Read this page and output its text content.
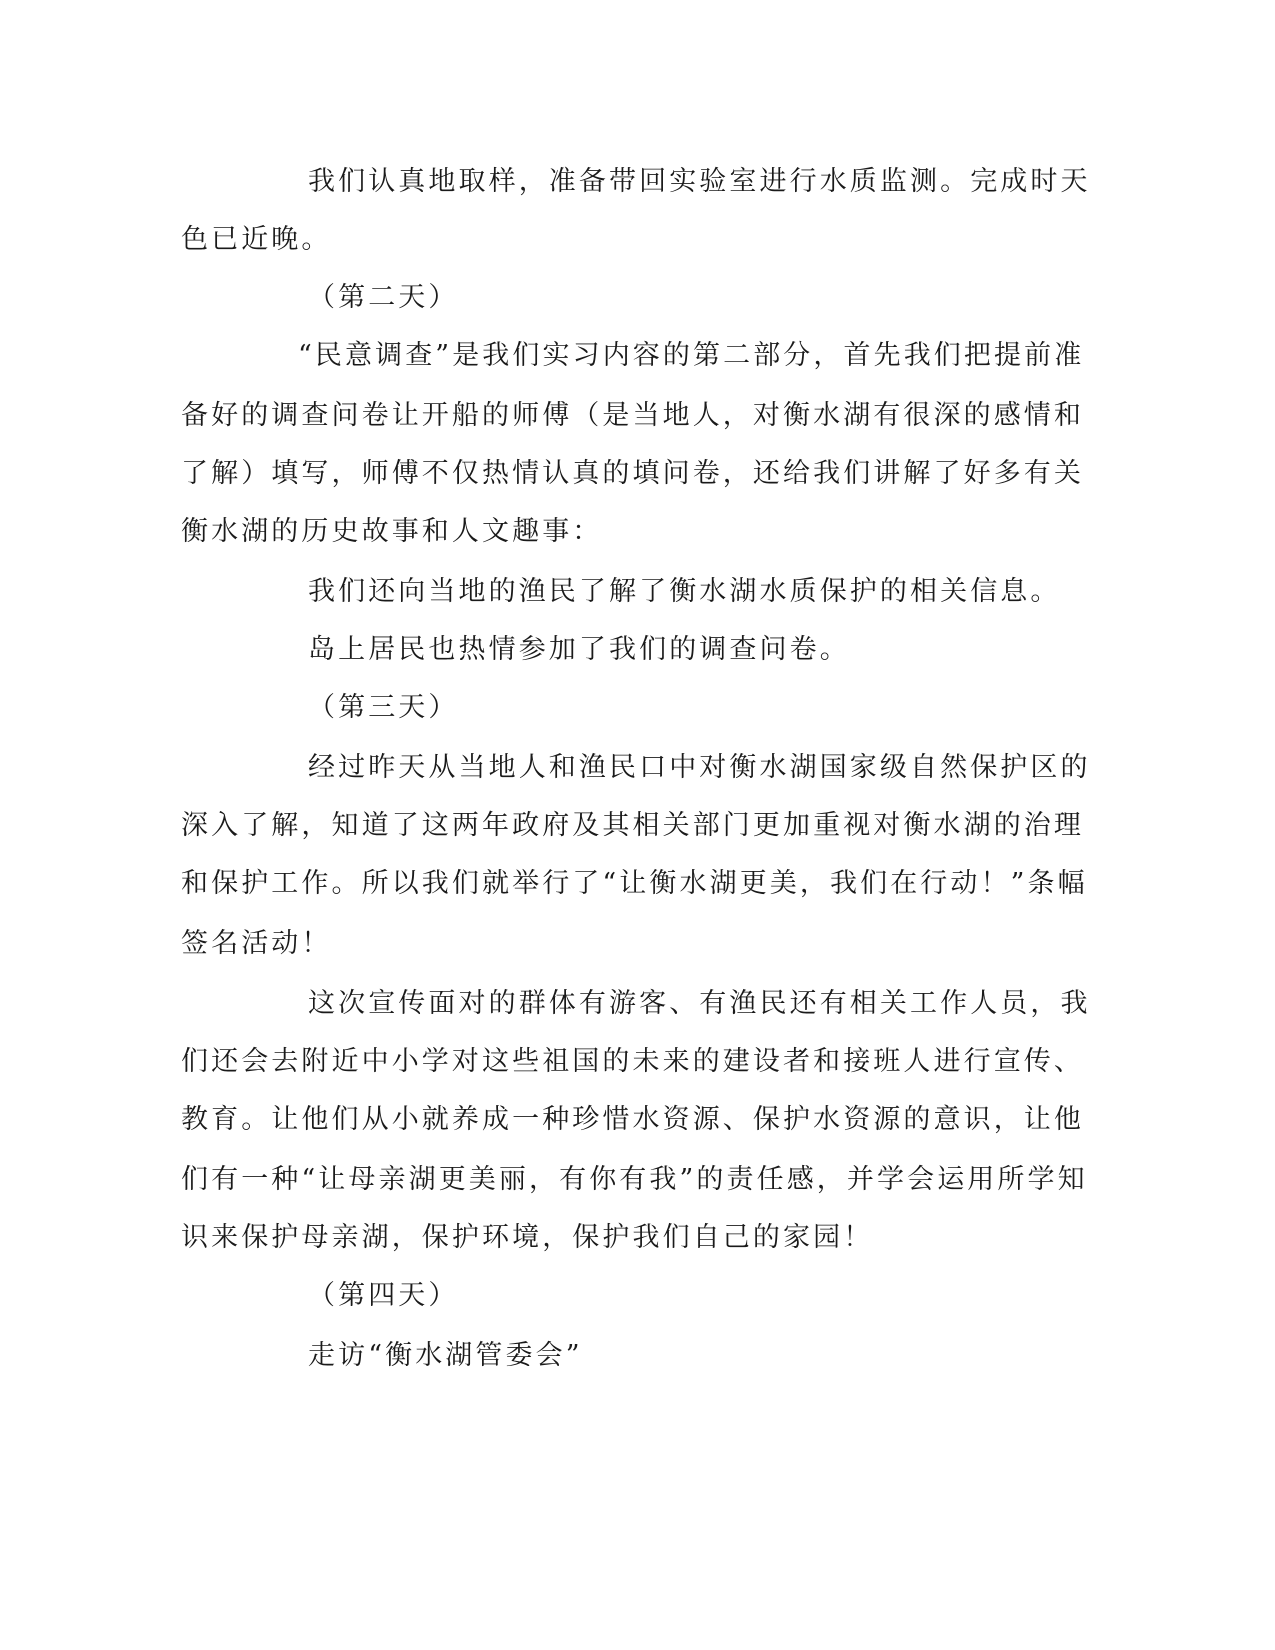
我们认真地取样，准备带回实验室进行水质监测。完成时天
色已近晚。
（第二天）
“民意调查”是我们实习内容的第二部分，首先我们把提前准
备好的调查问卷让开船的师傅（是当地人，对衡水湖有很深的感情和
了解）填写，师傅不仅热情认真的填问卷，还给我们讲解了好多有关
衡水湖的历史故事和人文趣事：
我们还向当地的渔民了解了衡水湖水质保护的相关信息。
岛上居民也热情参加了我们的调查问卷。
（第三天）
经过昨天从当地人和渔民口中对衡水湖国家级自然保护区的
深入了解，知道了这两年政府及其相关部门更加重视对衡水湖的治理
和保护工作。所以我们就举行了“让衡水湖更美，我们在行动！”条幅
签名活动！
这次宣传面对的群体有游客、有渔民还有相关工作人员，我
们还会去附近中小学对这些祖国的未来的建设者和接班人进行宣传、
教育。让他们从小就养成一种珍惜水资源、保护水资源的意识，让他
们有一种“让母亲湖更美丽，有你有我”的责任感，并学会运用所学知
识来保护母亲湖，保护环境，保护我们自己的家园！
（第四天）
走访“衡水湖管委会”
